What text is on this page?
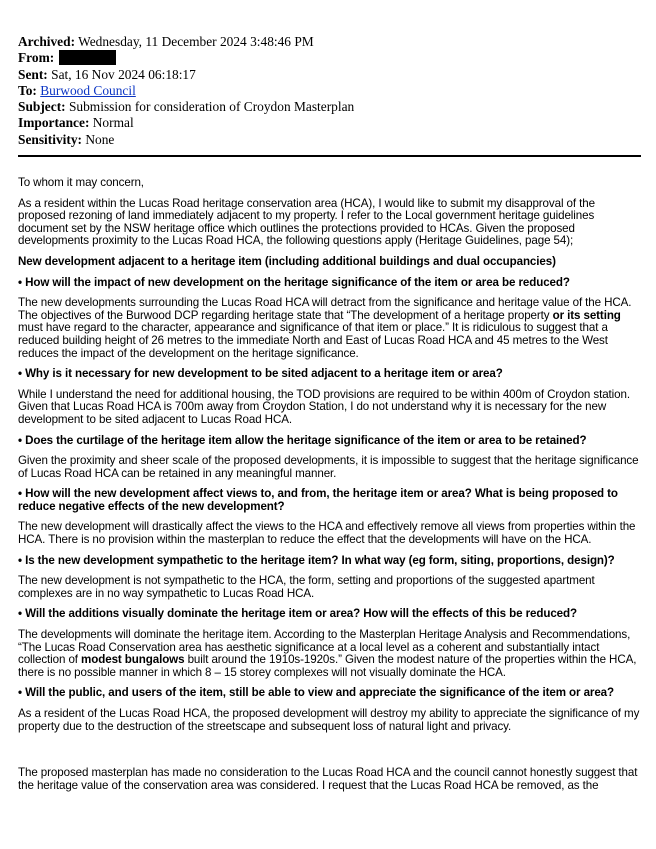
Archived: Wednesday, 11 December 2024 3:48:46 PM
From:
Sent: Sat, 16 Nov 2024 06:18:17
To: Burwood Council
Subject: Submission for consideration of Croydon Masterplan
Importance: Normal
Sensitivity: None

To whom it may concern,

As a resident within the Lucas Road heritage conservation area (HCA), I would like to submit my disapproval of the proposed rezoning of land immediately adjacent to my property. I refer to the Local government heritage guidelines document set by the NSW heritage office which outlines the protections provided to HCAs. Given the proposed developments proximity to the Lucas Road HCA, the following questions apply (Heritage Guidelines, page 54);

New development adjacent to a heritage item (including additional buildings and dual occupancies)

• How will the impact of new development on the heritage significance of the item or area be reduced?

The new developments surrounding the Lucas Road HCA will detract from the significance and heritage value of the HCA. The objectives of the Burwood DCP regarding heritage state that “The development of a heritage property or its setting must have regard to the character, appearance and significance of that item or place.” It is ridiculous to suggest that a reduced building height of 26 metres to the immediate North and East of Lucas Road HCA and 45 metres to the West reduces the impact of the development on the heritage significance.

• Why is it necessary for new development to be sited adjacent to a heritage item or area?

While I understand the need for additional housing, the TOD provisions are required to be within 400m of Croydon station. Given that Lucas Road HCA is 700m away from Croydon Station, I do not understand why it is necessary for the new development to be sited adjacent to Lucas Road HCA.

• Does the curtilage of the heritage item allow the heritage significance of the item or area to be retained?

Given the proximity and sheer scale of the proposed developments, it is impossible to suggest that the heritage significance of Lucas Road HCA can be retained in any meaningful manner.

• How will the new development affect views to, and from, the heritage item or area? What is being proposed to reduce negative effects of the new development?

The new development will drastically affect the views to the HCA and effectively remove all views from properties within the HCA. There is no provision within the masterplan to reduce the effect that the developments will have on the HCA.

• Is the new development sympathetic to the heritage item? In what way (eg form, siting, proportions, design)?

The new development is not sympathetic to the HCA, the form, setting and proportions of the suggested apartment complexes are in no way sympathetic to Lucas Road HCA.

• Will the additions visually dominate the heritage item or area? How will the effects of this be reduced?

The developments will dominate the heritage item. According to the Masterplan Heritage Analysis and Recommendations, “The Lucas Road Conservation area has aesthetic significance at a local level as a coherent and substantially intact collection of modest bungalows built around the 1910s-1920s.” Given the modest nature of the properties within the HCA, there is no possible manner in which 8 – 15 storey complexes will not visually dominate the HCA.

• Will the public, and users of the item, still be able to view and appreciate the significance of the item or area?

As a resident of the Lucas Road HCA, the proposed development will destroy my ability to appreciate the significance of my property due to the destruction of the streetscape and subsequent loss of natural light and privacy.

The proposed masterplan has made no consideration to the Lucas Road HCA and the council cannot honestly suggest that the heritage value of the conservation area was considered. I request that the Lucas Road HCA be removed, as the
